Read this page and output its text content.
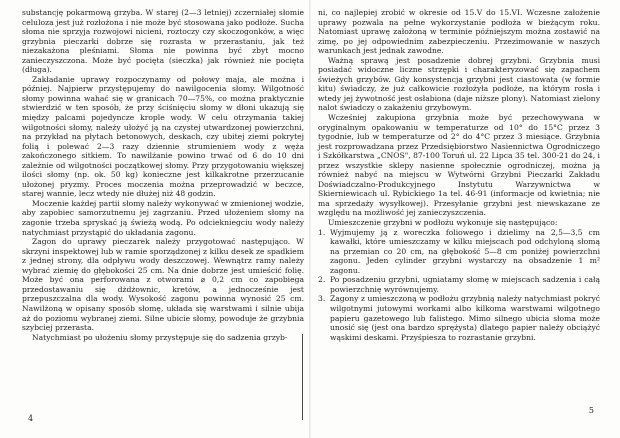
substancję pokarmową grzyba. W starej (2—3 letniej) zczerniałej słomie celuloza jest już rozłożona i nie może być stosowana jako podłoże. Sucha słoma nie sprzyja rozwojowi nicieni, roztoczy czy skoczogonków, a więc grzybnia pieczarki dobrze się rozrasta w przerastaniu, jak też niezakażona pleśniami. Słoma nie powinna być zbyt mocno zanieczyszczona. Może być pocięta (sieczka) jak również nie pocięta (długa).

Zakładanie uprawy rozpoczynamy od połowy maja, ale można i później. Najpierw przystępujemy do nawilgocenia słomy. Wilgotność słomy powinna wahać się w granicach 70—75%, co można praktycznie stwierdzić w ten sposób, że przy ściśnięciu słomy w dłoni ukazują się między palcami pojedyncze krople wody. W celu otrzymania takiej wilgotności słomy, należy ułożyć ją na czystej utwardzonej powierzchni, na przykład na płytach betonowych, deskach, czy ubitej ziemi pokrytej folią i polewać 2—3 razy dziennie strumieniem wody z węża zakończonego sitkiem. To nawilżanie powino trwać od 6 do 10 dni zależnie od wilgotności początkowej słomy. Przy przygotowaniu większej ilości słomy (np. ok. 50 kg) konieczne jest kilkakrotne przerzucanie ułożonej pryzmy. Proces moczenia można przeprowadzić w beczce, starej wannie, lecz wtedy nie dłużej niż 48 godzin.

Moczenie każdej partii słomy należy wykonywać w zmienionej wodzie, aby zapobiec samorzutnemu jej zagrzaniu. Przed ułożeniem słomy na zagonie trzeba spryskać ją świeżą wodą. Po odciekniegciu wody należy natychmiast przystąpić do układania zagonu.

Zagon do uprawy pieczarek należy przygotować następująco. W skrzyni inspektowej lub w ramie sporządzonej z kilku desek ze spadkiem z jednej strony, dla odpływu wody deszczowej. Wewnątrz ramy należy wybrać ziemię do głębokości 25 cm. Na dnie dobrze jest umieścić folię. Może być ona perforowana z otworami ⌀ 0,2 cm co zapobiega przedostawaniu się dżdżownic, kretów, a jednocześnie jest przepuszczalna dla wody. Wysokość zagonu powinna wynosić 25 cm. Nawilżoną w opisany sposób słomę, układa się warstwami i silnie ubija aż do poziomu wybranej ziemi. Silne ubicie słomy, powoduje że grzybnia szybciej przerasta.

Natychmiast po ułożeniu słomy przystępuje się do sadzenia grzyb-

4

ni, co najlepiej zrobić w okresie od 15.V do 15.VI. Wczesne założenie uprawy pozwala na pełne wykorzystanie podłoża w bieżącym roku. Natomiast uprawę założoną w terminie późniejszym można zostawić na zimę, po jej odpowiednim zabezpieczeniu. Przezimowanie w naszych warunkach jest jednak zawodne.

Ważną sprawą jest posadzenie dobrej grzybni. Grzybnia musi posiadać widoczne liczne strzępki i charakteryzować się zapachem świeżych grzybów. Gdy konsystencja grzybni jest ciastowata (w formie kitu) świadczy, że już całkowicie rozłożyła podłoże, na którym rosła i wtedy jej żywotność jest osłabiona (daje niższe plony). Natomiast zielony nalot świadczy o zakażeniu grzybowym.

Wcześniej zakupiona grzybnia może być przechowywana w oryginalnym opakowaniu w temperaturze od 10° do 15°C przez 3 tygodnie, lub w temperaturze od 2° do 4°C przez 3 miesiące. Grzybnia jest rozprowadzana przez Przedsiębiorstwo Nasiennictwa Ogrodniczego i Szkółkarstwa „CNOS", 87-100 Toruń ul. 22 Lipca 35 tel. 300-21 do 24, i przez wszystkie sklepy nasienne społecznie ogrodniczej, można ją również nabyć na miejscu w Wytwórni Grzybni Pieczarki Zakładu Doświadczalno-Produkcyjnego Instytutu Warzywnictwa w Skierniewicach ul. Rybickiego 1a tel. 46-91 (informacje od kwietnia; nie ma sprzedaży wysyłkowej). Przesyłanie grzybni jest niewskazane ze względu na możliwość jej zanieczyszczenia.

Umieszczenie grzybni w podłożu wykonuje się następująco:

1. Wyjmujemy ją z woreczka foliowego i dzielimy na 2,5—3,5 cm kawałki, które umieszczamy w kilku miejscach pod odchyloną słomą na przemian co 20 cm, na głębokość 5—8 cm poniżej powierzchni zagonu. Jeden cylinder grzybni wystarczy na obsadzenie 1 m² zagonu.
2. Po posadzeniu grzybni, ugniatamy słomę w miejscach sadzenia i całą powierzchnię wyrównujemy.
3. Zagony z umieszczoną w podłożu grzybnią należy natychmiast pokryć wilgotnymi jutowymi workami albo kilkoma warstwami wilgotnego papieru gazetowego lub falistego. Mimo silnego ubicia słoma może unosić się (jest ona bardzo sprężysta) dlatego papier należy obciążyć wąskimi deskami. Przyśpiesza to rozrastanie grzybni.
5
